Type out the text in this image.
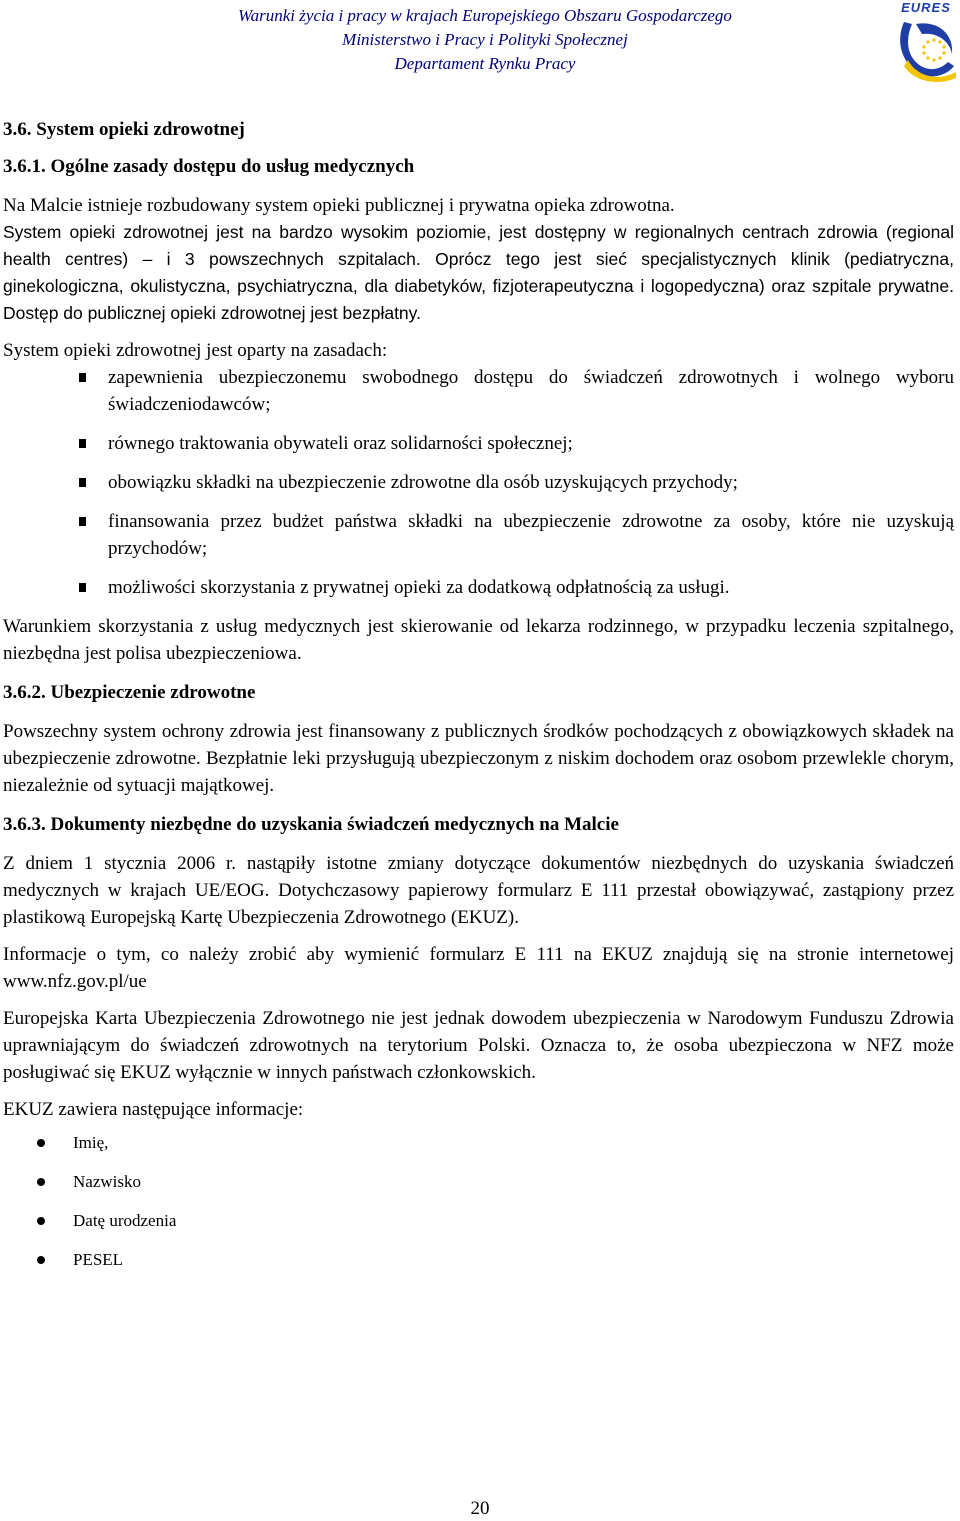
Warunki życia i pracy w krajach Europejskiego Obszaru Gospodarczego
Ministerstwo i Pracy i Polityki Społecznej
Departament Rynku Pracy
EURES
3.6. System opieki zdrowotnej
3.6.1. Ogólne zasady dostępu do usług medycznych

Na Malcie istnieje rozbudowany system opieki publicznej i prywatna opieka zdrowotna.

System opieki zdrowotnej jest na bardzo wysokim poziomie, jest dostępny w regionalnych centrach zdrowia (regional health centres) – i 3 powszechnych szpitalach. Oprócz tego jest sieć specjalistycznych klinik (pediatryczna, ginekologiczna, okulistyczna, psychiatryczna, dla diabetyków, fizjoterapeutyczna i logopedyczna) oraz szpitale prywatne. Dostęp do publicznej opieki zdrowotnej jest bezpłatny.

System opieki zdrowotnej jest oparty na zasadach:

zapewnienia ubezpieczonemu swobodnego dostępu do świadczeń zdrowotnych i wolnego wyboru świadczeniodawców;
równego traktowania obywateli oraz solidarności społecznej;
obowiązku składki na ubezpieczenie zdrowotne dla osób uzyskujących przychody;
finansowania przez budżet państwa składki na ubezpieczenie zdrowotne za osoby, które nie uzyskują przychodów;
możliwości skorzystania z prywatnej opieki za dodatkową odpłatnością za usługi.

Warunkiem skorzystania z usług medycznych jest skierowanie od lekarza rodzinnego, w przypadku leczenia szpitalnego, niezbędna jest polisa ubezpieczeniowa.

3.6.2. Ubezpieczenie zdrowotne

Powszechny system ochrony zdrowia jest finansowany z publicznych środków pochodzących z obowiązkowych składek na ubezpieczenie zdrowotne. Bezpłatnie leki przysługują ubezpieczonym z niskim dochodem oraz osobom przewlekle chorym, niezależnie od sytuacji majątkowej.

3.6.3. Dokumenty niezbędne do uzyskania świadczeń medycznych na Malcie

Z dniem 1 stycznia 2006 r. nastąpiły istotne zmiany dotyczące dokumentów niezbędnych do uzyskania świadczeń medycznych w krajach UE/EOG. Dotychczasowy papierowy formularz E 111 przestał obowiązywać, zastąpiony przez plastikową Europejską Kartę Ubezpieczenia Zdrowotnego (EKUZ).

Informacje o tym, co należy zrobić aby wymienić formularz E 111 na EKUZ znajdują się na stronie internetowej www.nfz.gov.pl/ue

Europejska Karta Ubezpieczenia Zdrowotnego nie jest jednak dowodem ubezpieczenia w Narodowym Funduszu Zdrowia uprawniającym do świadczeń zdrowotnych na terytorium Polski. Oznacza to, że osoba ubezpieczona w NFZ może posługiwać się EKUZ wyłącznie w innych państwach członkowskich.

EKUZ zawiera następujące informacje:

Imię,
Nazwisko
Datę urodzenia
PESEL
20
